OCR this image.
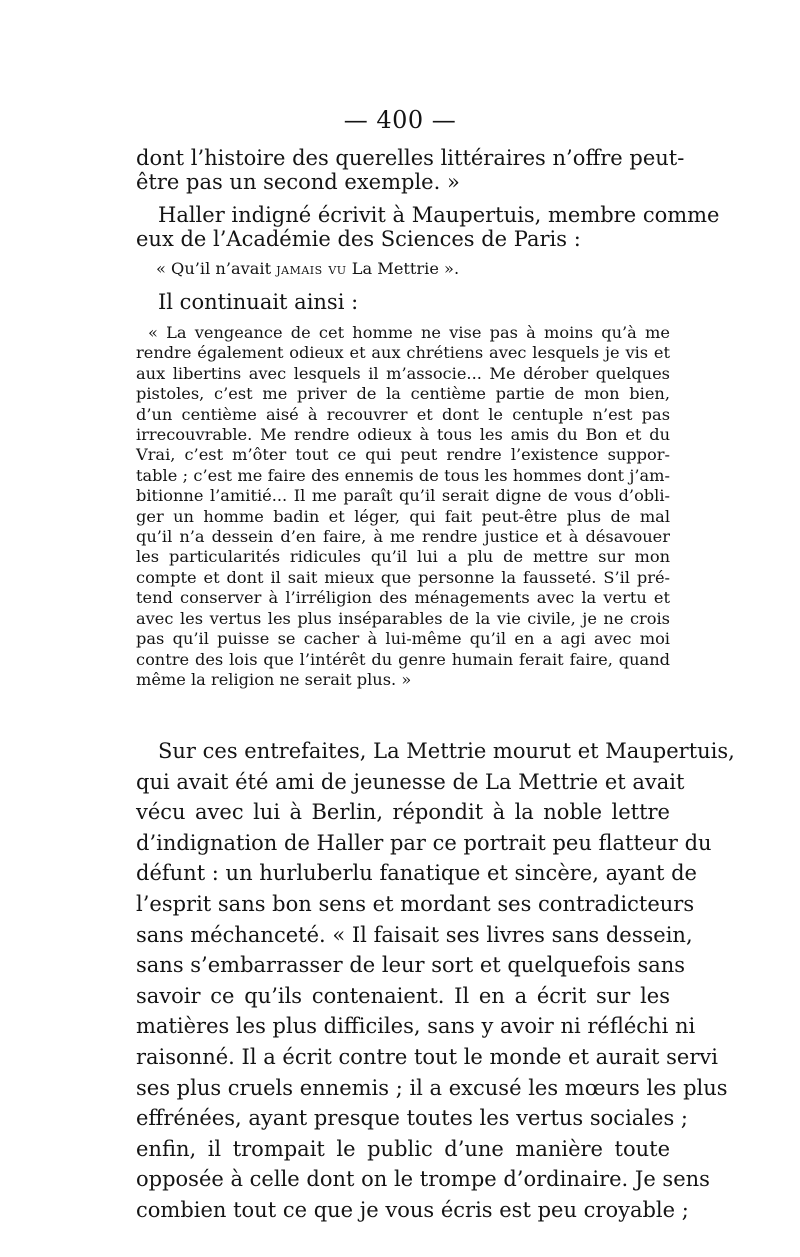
— 400 —
dont l’histoire des querelles littéraires n’offre peut-
être pas un second exemple. »
Haller indigné écrivit à Maupertuis, membre comme
eux de l’Académie des Sciences de Paris :
« Qu’il n’avait jamais vu La Mettrie ».
Il continuait ainsi :
« La vengeance de cet homme ne vise pas à moins qu’à me
rendre également odieux et aux chrétiens avec lesquels je vis et
aux libertins avec lesquels il m’associe... Me dérober quelques
pistoles, c’est me priver de la centième partie de mon bien,
d’un centième aisé à recouvrer et dont le centuple n’est pas
irrecouvrable. Me rendre odieux à tous les amis du Bon et du
Vrai, c’est m’ôter tout ce qui peut rendre l’existence suppor-
table ; c’est me faire des ennemis de tous les hommes dont j’am-
bitionne l’amitié... Il me paraît qu’il serait digne de vous d’obli-
ger un homme badin et léger, qui fait peut-être plus de mal
qu’il n’a dessein d’en faire, à me rendre justice et à désavouer
les particularités ridicules qu’il lui a plu de mettre sur mon
compte et dont il sait mieux que personne la fausseté. S’il pré-
tend conserver à l’irréligion des ménagements avec la vertu et
avec les vertus les plus inséparables de la vie civile, je ne crois
pas qu’il puisse se cacher à lui-même qu’il en a agi avec moi
contre des lois que l’intérêt du genre humain ferait faire, quand
même la religion ne serait plus. »
Sur ces entrefaites, La Mettrie mourut et Maupertuis,
qui avait été ami de jeunesse de La Mettrie et avait
vécu avec lui à Berlin, répondit à la noble lettre
d’indignation de Haller par ce portrait peu flatteur du
défunt : un hurluberlu fanatique et sincère, ayant de
l’esprit sans bon sens et mordant ses contradicteurs
sans méchanceté. « Il faisait ses livres sans dessein,
sans s’embarrasser de leur sort et quelquefois sans
savoir ce qu’ils contenaient. Il en a écrit sur les
matières les plus difficiles, sans y avoir ni réfléchi ni
raisonné. Il a écrit contre tout le monde et aurait servi
ses plus cruels ennemis ; il a excusé les mœurs les plus
effrénées, ayant presque toutes les vertus sociales ;
enfin, il trompait le public d’une manière toute
opposée à celle dont on le trompe d’ordinaire. Je sens
combien tout ce que je vous écris est peu croyable ;
